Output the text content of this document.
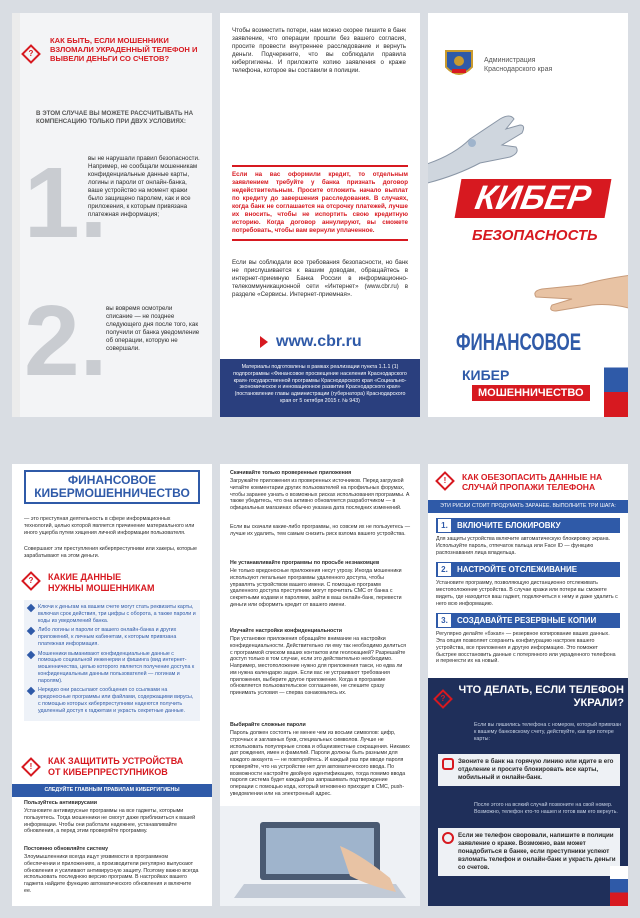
?
КАК БЫТЬ, ЕСЛИ МОШЕННИКИ ВЗЛОМАЛИ УКРАДЕННЫЙ ТЕЛЕФОН И ВЫВЕЛИ ДЕНЬГИ СО СЧЕТОВ?
В ЭТОМ СЛУЧАЕ ВЫ МОЖЕТЕ РАССЧИТЫВАТЬ НА КОМПЕНСАЦИЮ ТОЛЬКО ПРИ ДВУХ УСЛОВИЯХ:
1.
вы не нарушали правил безопасности. Например, не сообщали мошенникам конфиденциальные данные карты, логины и пароли от онлайн-банка, ваше устройство на момент кражи было защищено паролем, как и все приложения, к которым привязана платежная информация;
2.
вы вовремя осмотрели списание — не позднее следующего дня после того, как получили от банка уведомление об операции, которую не совершали.
Чтобы возместить потери, нам можно скорее пишите в банк заявление, что операции прошли без вашего согласия, просите провести внутреннее расследование и вернуть деньги. Подчеркните, что вы соблюдали правила кибергигиены. И приложите копию заявления о краже телефона, которое вы составили в полиции.
Если на вас оформили кредит, то отдельным заявлением требуйте у банка признать договор недействительным. Просите отложить начало выплат по кредиту до завершения расследования. В случаях, когда банк не соглашается на отсрочку платежей, лучше их вносить, чтобы не испортить свою кредитную историю. Когда договор аннулируют, вы сможете потребовать, чтобы вам вернули уплаченное.
Если вы соблюдали все требования безопасности, но банк не прислушивается к вашим доводам, обращайтесь в интернет-приемную Банка России в информационно-телекоммуникационной сети «Интернет» (www.cbr.ru) в разделе «Сервисы. Интернет-приемная».
www.cbr.ru
Материалы подготовлены в рамках реализации пункта 1.1.1 (1) подпрограммы «Финансовое просвещение населения Краснодарского края» государственной программы Краснодарского края «Социально-экономическое и инновационное развитие Краснодарского края» (постановление главы администрации (губернатора) Краснодарского края от 5 октября 2015 г. № 943)
Администрация Краснодарского края
КИБЕР
БЕЗОПАСНОСТЬ
ФИНАНСОВОЕ
КИБЕР
МОШЕННИЧЕСТВО
ФИНАНСОВОЕ
КИБЕРМОШЕННИЧЕСТВО
— это преступная деятельность в сфере информационных технологий, целью которой является причинение материального или иного ущерба путем хищения личной информации пользователя.
Совершают эти преступления киберпреступники или хакеры, которые зарабатывают на этом деньги.
? КАКИЕ ДАННЫЕ НУЖНЫ МОШЕННИКАМ
Ключи к деньгам на вашем счете могут стать реквизиты карты, включая срок действия, три цифры с оборота, а также пароли и коды из уведомлений банка.
Либо логины и пароли от вашего онлайн-банка и других приложений, к личным кабинетам, к которым привязана платежная информация.
Мошенники выманивают конфиденциальные данные с помощью социальной инженерии и фишинга (вид интернет-мошенничества, целью которого является получение доступа к конфиденциальным данным пользователей — логинам и паролям).
Нередко они рассылают сообщения со ссылками на вредоносные программы или файлами, содержащими вирусы, с помощью которых киберпреступники надеются получить удаленный доступ к гаджетам и украсть секретные данные.
!
КАК ЗАЩИТИТЬ УСТРОЙСТВА ОТ КИБЕРПРЕСТУПНИКОВ
СЛЕДУЙТЕ ГЛАВНЫМ ПРАВИЛАМ КИБЕРГИГИЕНЫ
Пользуйтесь антивирусами
Установите антивирусные программы на все гаджеты, которыми пользуетесь. Тогда мошенники не смогут даже приблизиться к вашей информации. Чтобы они работали надежнее, устанавливайте обновления, а перед этим проверяйте программу.
Постоянно обновляйте систему
Злоумышленники всегда ищут уязвимости в программном обеспечении и приложениях, а производители регулярно выпускают обновления и усиливают антивирусную защиту. Поэтому важно всегда использовать последнюю версию программ. В настройках вашего гаджета найдите функцию автоматического обновления и включите ее.
Скачивайте только проверенные приложения
Загружайте приложения из проверенных источников. Перед загрузкой читайте комментарии других пользователей на профильных форумах, чтобы заранее узнать о возможных рисках использования программы. А также убедитесь, что она активно обновляется разработчиком — в официальных магазинах обычно указана дата последних изменений.
Если вы скачали какие-либо программы, но совсем их не пользуетесь — лучше их удалить, тем самым снизить риск взлома вашего устройства.
Не устанавливайте программы по просьбе незнакомцев
Не только вредоносные приложения несут угрозу. Иногда мошенники используют легальные программы удаленного доступа, чтобы управлять устройством вашего имени. С помощью программ удаленного доступа преступники могут прочитать СМС от банка с секретными кодами и паролями, зайти в ваш онлайн-банк, перевести деньги или оформить кредит от вашего имени.
Изучайте настройки конфиденциальности
При установке приложения обращайте внимание на настройки конфиденциальности. Действительно ли ему так необходимо делиться с программой списком ваших контактов или геолокацией? Разрешайте доступ только в том случае, если это действительно необходимо. Например, местоположение нужно для приложения такси, но едва ли им нужна календарю задач. Если вас не устраивают требования приложения, выберите другое приложение. Когда в программе обновляется пользовательское соглашение, не спешите сразу принимать условия — сперва ознакомьтесь их.
Выбирайте сложные пароли
Пароль должен состоять не менее чем из восьми символов: цифр, строчных и заглавных букв, специальных символов. Лучше не использовать популярные слова и общеизвестные сокращения. Никаких дат рождения, имен и фамилий. Пароли должны быть разными для каждого аккаунта — не повторяйтесь. И каждый раз при вводе пароля проверяйте, что на устройстве нет для автоматического ввода. По возможности настройте двойную идентификацию, тогда помимо ввода пароля система будет каждый раз запрашивать подтверждение операции с помощью кода, который мгновенно приходит в СМС, push-уведомлении или на электронный адрес.
!	КАК ОБЕЗОПАСИТЬ ДАННЫЕ НА СЛУЧАЙ ПРОПАЖИ ТЕЛЕФОНА
ЭТИ РИСКИ СТОИТ ПРОДУМАТЬ ЗАРАНЕЕ. ВЫПОЛНИТЕ ТРИ ШАГА:
1.	ВКЛЮЧИТЕ БЛОКИРОВКУ
Для защиты устройства включите автоматическую блокировку экрана. Используйте пароль, отпечаток пальца или Face ID — функцию распознавания лица владельца.
2.	НАСТРОЙТЕ ОТСЛЕЖИВАНИЕ
Установите программу, позволяющую дистанционно отслеживать местоположение устройства. В случае кражи или потери вы сможете видеть, где находится ваш гаджет, подключиться к нему и даже удалить с него всю информацию.
3.	СОЗДАВАЙТЕ РЕЗЕРВНЫЕ КОПИИ
Регулярно делайте «бэкап» — резервное копирование ваших данных. Эта опция позволяет сохранить конфигурацию настроек вашего устройства, все приложения и другую информацию. Это поможет быстрее восстановить данные с потерянного или украденного телефона и перенести их на новый.
?
ЧТО ДЕЛАТЬ, ЕСЛИ ТЕЛЕФОН УКРАЛИ?
Если вы лишились телефона с номером, который привязан к вашему банковскому счету, действуйте, как при потере карты:
Звоните в банк на горячую линию или идите в его отделение и просите блокировать все карты, мобильный и онлайн-банк.
После этого на всякий случай позвоните на свой номер. Возможно, телефон кто-то нашел и готов вам его вернуть.
Если же телефон своровали, напишите в полиции заявление о краже. Возможно, вам может понадобиться в банке, если преступники успеют взломать телефон и онлайн-банк и украсть деньги со счетов.
